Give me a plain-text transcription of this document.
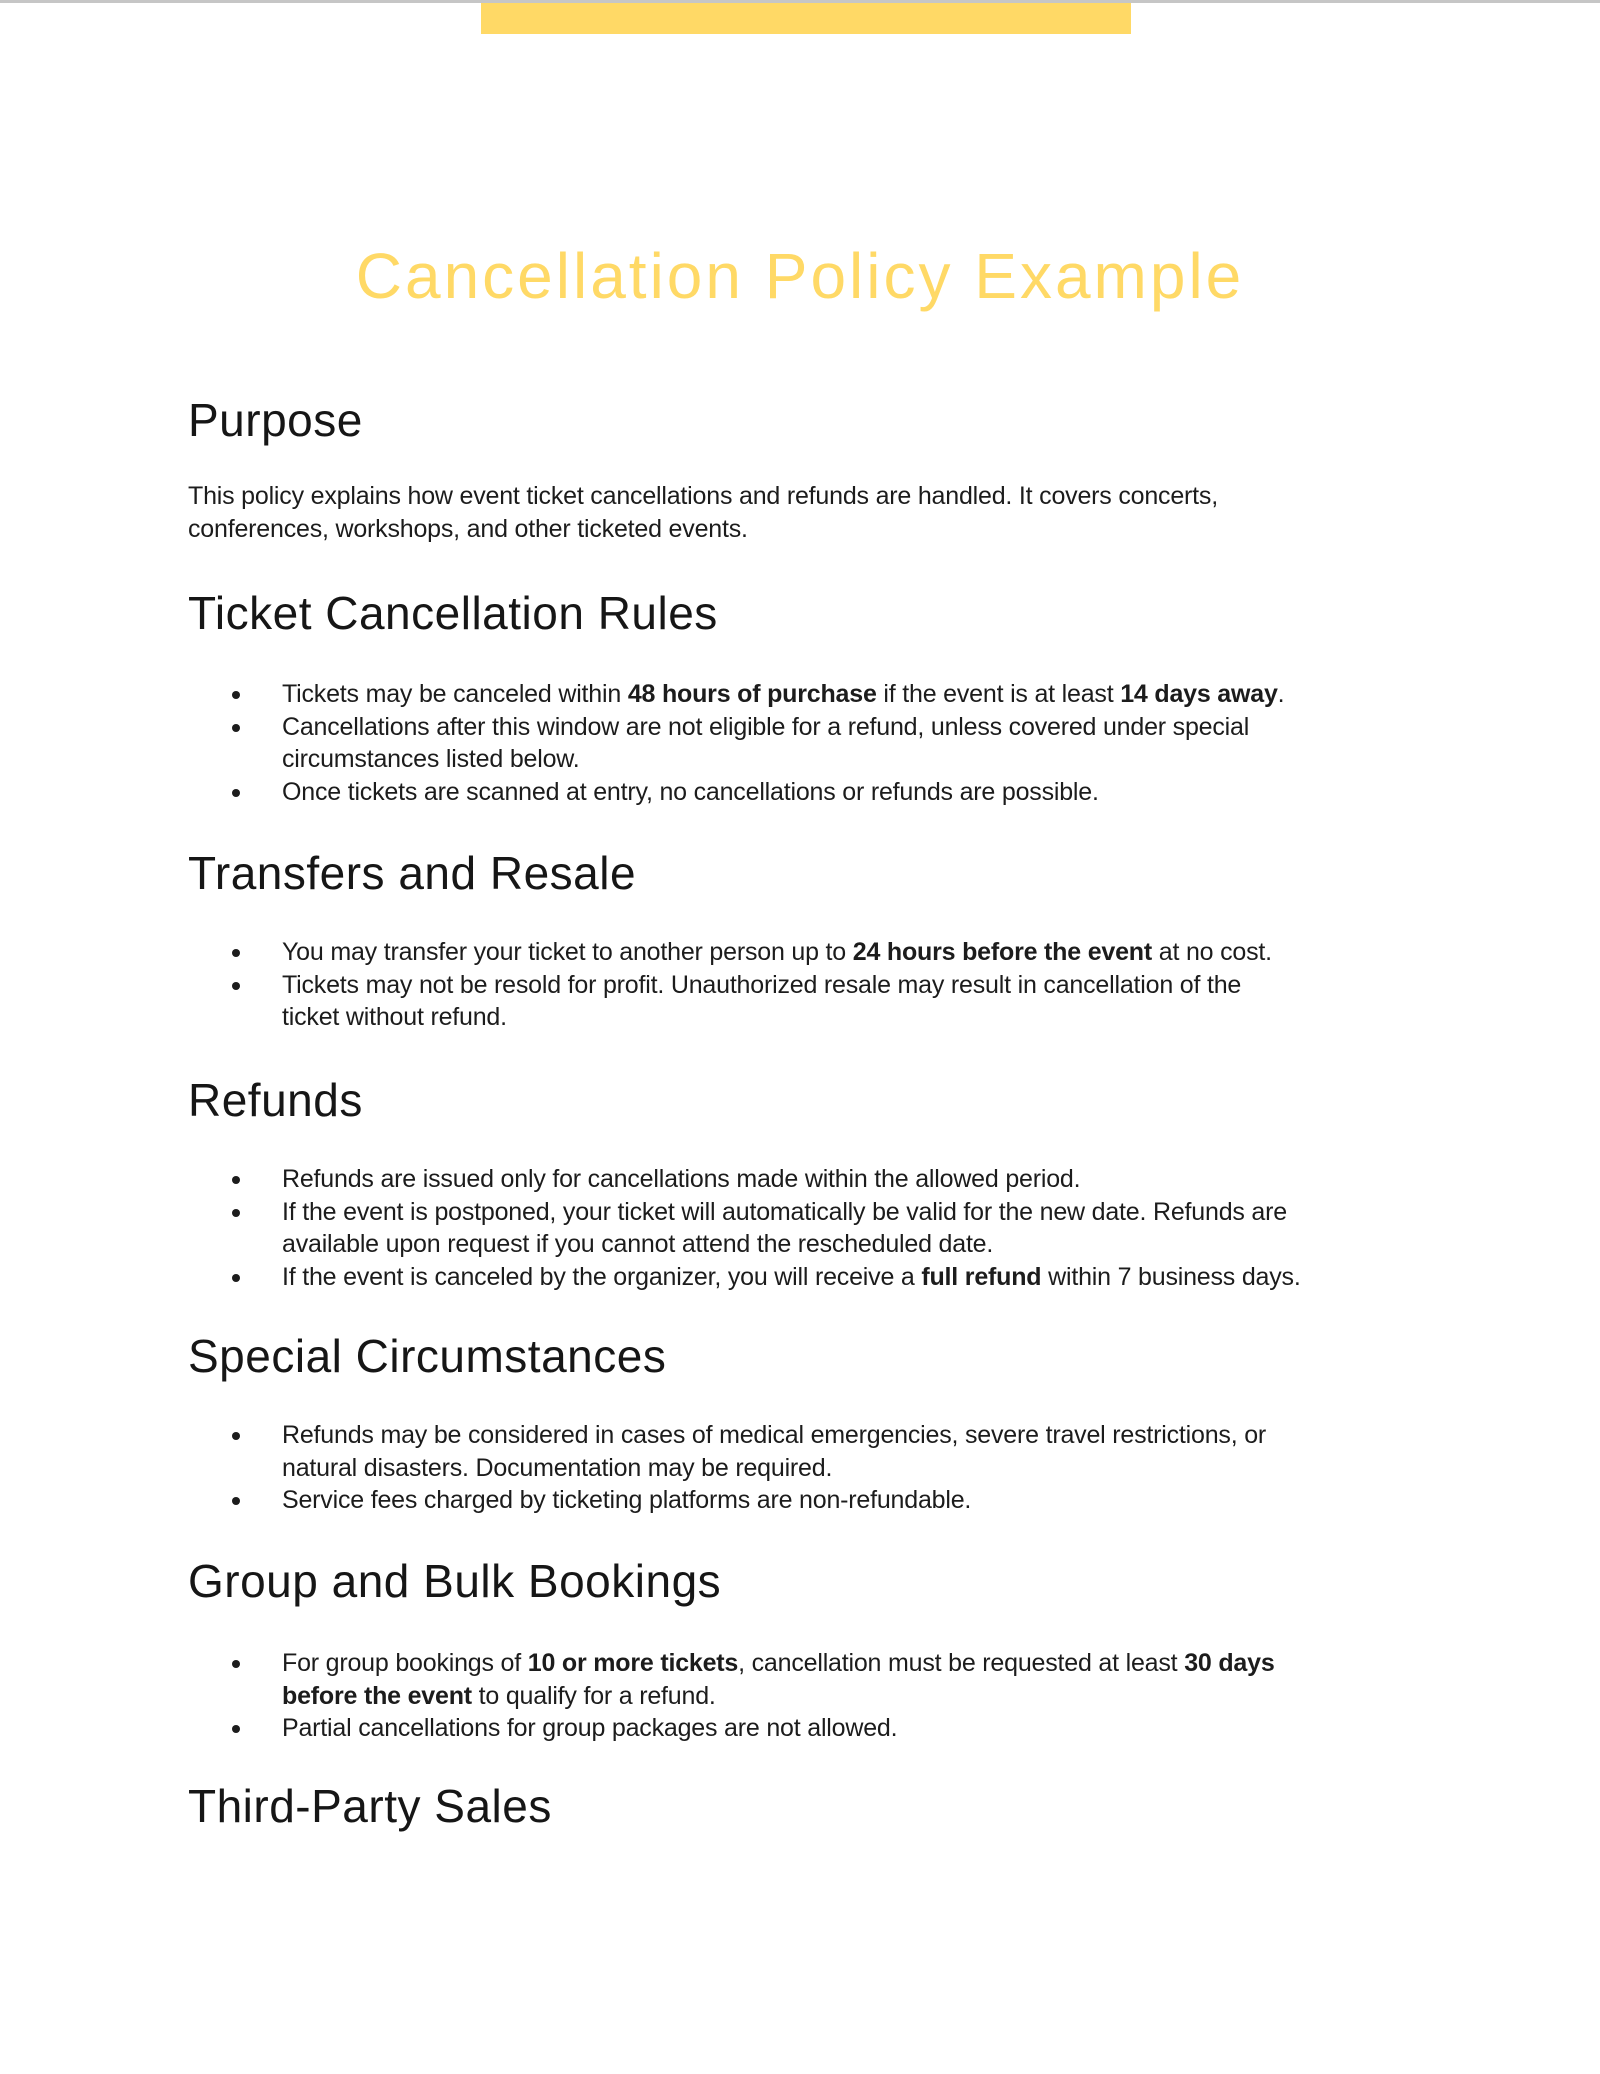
Cancellation Policy Example
Purpose
This policy explains how event ticket cancellations and refunds are handled. It covers concerts,
conferences, workshops, and other ticketed events.
Ticket Cancellation Rules
Tickets may be canceled within 48 hours of purchase if the event is at least 14 days away.
Cancellations after this window are not eligible for a refund, unless covered under special
circumstances listed below.
Once tickets are scanned at entry, no cancellations or refunds are possible.
Transfers and Resale
You may transfer your ticket to another person up to 24 hours before the event at no cost.
Tickets may not be resold for profit. Unauthorized resale may result in cancellation of the
ticket without refund.
Refunds
Refunds are issued only for cancellations made within the allowed period.
If the event is postponed, your ticket will automatically be valid for the new date. Refunds are
available upon request if you cannot attend the rescheduled date.
If the event is canceled by the organizer, you will receive a full refund within 7 business days.
Special Circumstances
Refunds may be considered in cases of medical emergencies, severe travel restrictions, or
natural disasters. Documentation may be required.
Service fees charged by ticketing platforms are non-refundable.
Group and Bulk Bookings
For group bookings of 10 or more tickets, cancellation must be requested at least 30 days
before the event to qualify for a refund.
Partial cancellations for group packages are not allowed.
Third-Party Sales
